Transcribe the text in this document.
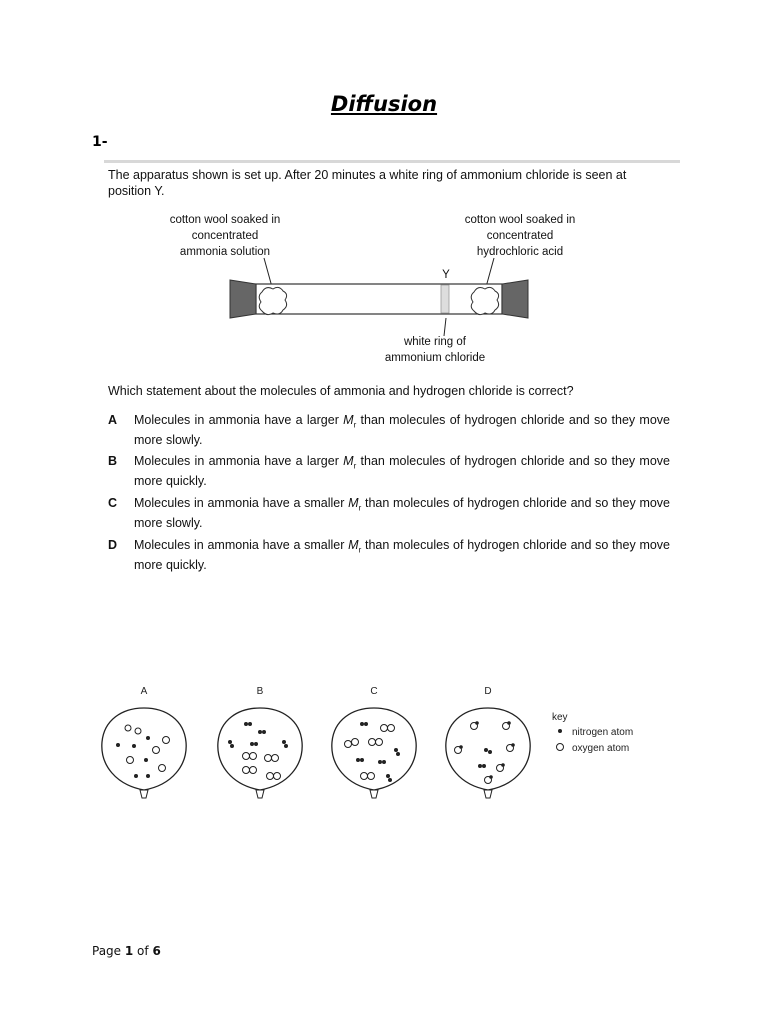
Diffusion
1-
The apparatus shown is set up. After 20 minutes a white ring of ammonium chloride is seen at position Y.
cotton wool soaked in
concentrated
ammonia solution
cotton wool soaked in
concentrated
hydrochloric acid
Y
white ring of
ammonium chloride
Which statement about the molecules of ammonia and hydrogen chloride is correct?
A Molecules in ammonia have a larger $M_r$ than molecules of hydrogen chloride and so they move more slowly.
B Molecules in ammonia have a larger $M_r$ than molecules of hydrogen chloride and so they move more quickly.
C Molecules in ammonia have a smaller $M_r$ than molecules of hydrogen chloride and so they move more slowly.
D Molecules in ammonia have a smaller $M_r$ than molecules of hydrogen chloride and so they move more quickly.
A	B	C	D
key
nitrogen atom
oxygen atom
Page 1 of 6
